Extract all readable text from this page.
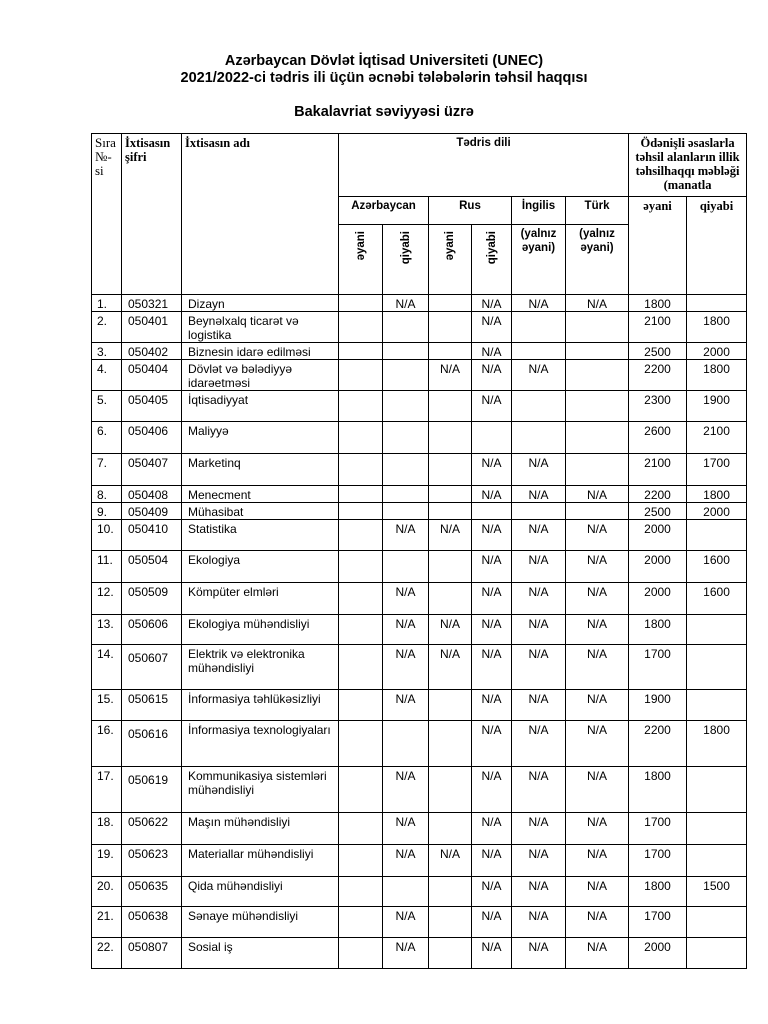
Azərbaycan Dövlət İqtisad Universiteti (UNEC)
2021/2022-ci tədris ili üçün əcnəbi tələbələrin təhsil haqqısı
Bakalavriat səviyyəsi üzrə
Sıra №-si	İxtisasın şifri	İxtisasın adı	Tədris dili						Ödənişli əsaslarla təhsil alanların illik təhsilhaqqı məbləği (manatla	
			Azərbaycan		Rus		İngilis	Türk	əyani	qiyabi
			əyani	qiyabi	əyani	qiyabi	(yalnız əyani)	(yalnız əyani)		
1.	050321	Dizayn		N/A		N/A	N/A	N/A	1800	
2.	050401	Beynəlxalq ticarət və logistika				N/A			2100	1800
3.	050402	Biznesin idarə edilməsi				N/A			2500	2000
4.	050404	Dövlət və bələdiyyə idarəetməsi			N/A	N/A	N/A		2200	1800
5.	050405	İqtisadiyyat				N/A			2300	1900
6.	050406	Maliyyə							2600	2100
7.	050407	Marketinq				N/A	N/A		2100	1700
8.	050408	Menecment				N/A	N/A	N/A	2200	1800
9.	050409	Mühasibat							2500	2000
10.	050410	Statistika		N/A	N/A	N/A	N/A	N/A	2000	
11.	050504	Ekologiya				N/A	N/A	N/A	2000	1600
12.	050509	Kömpüter elmləri		N/A		N/A	N/A	N/A	2000	1600
13.	050606	Ekologiya mühəndisliyi		N/A	N/A	N/A	N/A	N/A	1800	
14.	050607	Elektrik və elektronika mühəndisliyi		N/A	N/A	N/A	N/A	N/A	1700	
15.	050615	İnformasiya təhlükəsizliyi		N/A		N/A	N/A	N/A	1900	
16.	050616	İnformasiya texnologiyaları				N/A	N/A	N/A	2200	1800
17.	050619	Kommunikasiya sistemləri mühəndisliyi		N/A		N/A	N/A	N/A	1800	
18.	050622	Maşın mühəndisliyi		N/A		N/A	N/A	N/A	1700	
19.	050623	Materiallar mühəndisliyi		N/A	N/A	N/A	N/A	N/A	1700	
20.	050635	Qida mühəndisliyi				N/A	N/A	N/A	1800	1500
21.	050638	Sənaye mühəndisliyi		N/A		N/A	N/A	N/A	1700	
22.	050807	Sosial iş		N/A		N/A	N/A	N/A	2000	
